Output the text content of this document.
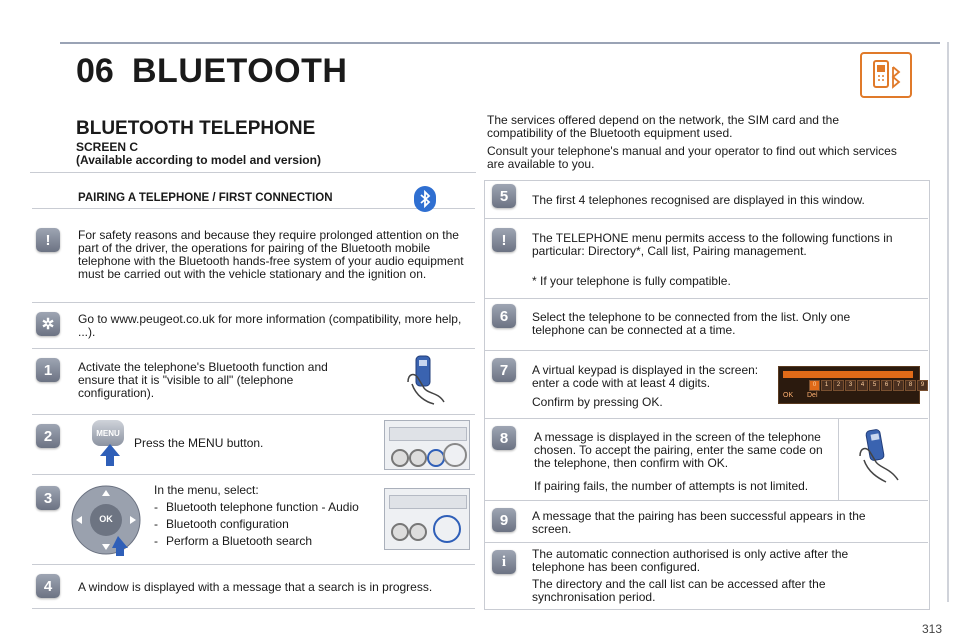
06 BLUETOOTH
BLUETOOTH TELEPHONE
SCREEN C
(Available according to model and version)
The services offered depend on the network, the SIM card and the compatibility of the Bluetooth equipment used.
Consult your telephone's manual and your operator to find out which services are available to you.
PAIRING A TELEPHONE / FIRST CONNECTION
!	For safety reasons and because they require prolonged attention on the part of the driver, the operations for pairing of the Bluetooth mobile telephone with the Bluetooth hands-free system of your audio equipment must be carried out with the vehicle stationary and the ignition on.
✲	Go to www.peugeot.co.uk for more information (compatibility, more help, ...).
1	Activate the telephone's Bluetooth function and ensure that it is "visible to all" (telephone configuration).
2	MENU
Press the MENU button.
3
OK
In the menu, select:
- Bluetooth telephone function - Audio
- Bluetooth configuration
- Perform a Bluetooth search
4	A window is displayed with a message that a search is in progress.
5	The first 4 telephones recognised are displayed in this window.
!	The TELEPHONE menu permits access to the following functions in particular: Directory*, Call list, Pairing management.
* If your telephone is fully compatible.
6	Select the telephone to be connected from the list. Only one telephone can be connected at a time.
7	A virtual keypad is displayed in the screen: enter a code with at least 4 digits.
Confirm by pressing OK.
0	1	2	3	4	5	6	7	8	9
OK Del
8	A message is displayed in the screen of the telephone chosen. To accept the pairing, enter the same code on the telephone, then confirm with OK.
If pairing fails, the number of attempts is not limited.
9	A message that the pairing has been successful appears in the screen.
i	The automatic connection authorised is only active after the telephone has been configured.
The directory and the call list can be accessed after the synchronisation period.
313
